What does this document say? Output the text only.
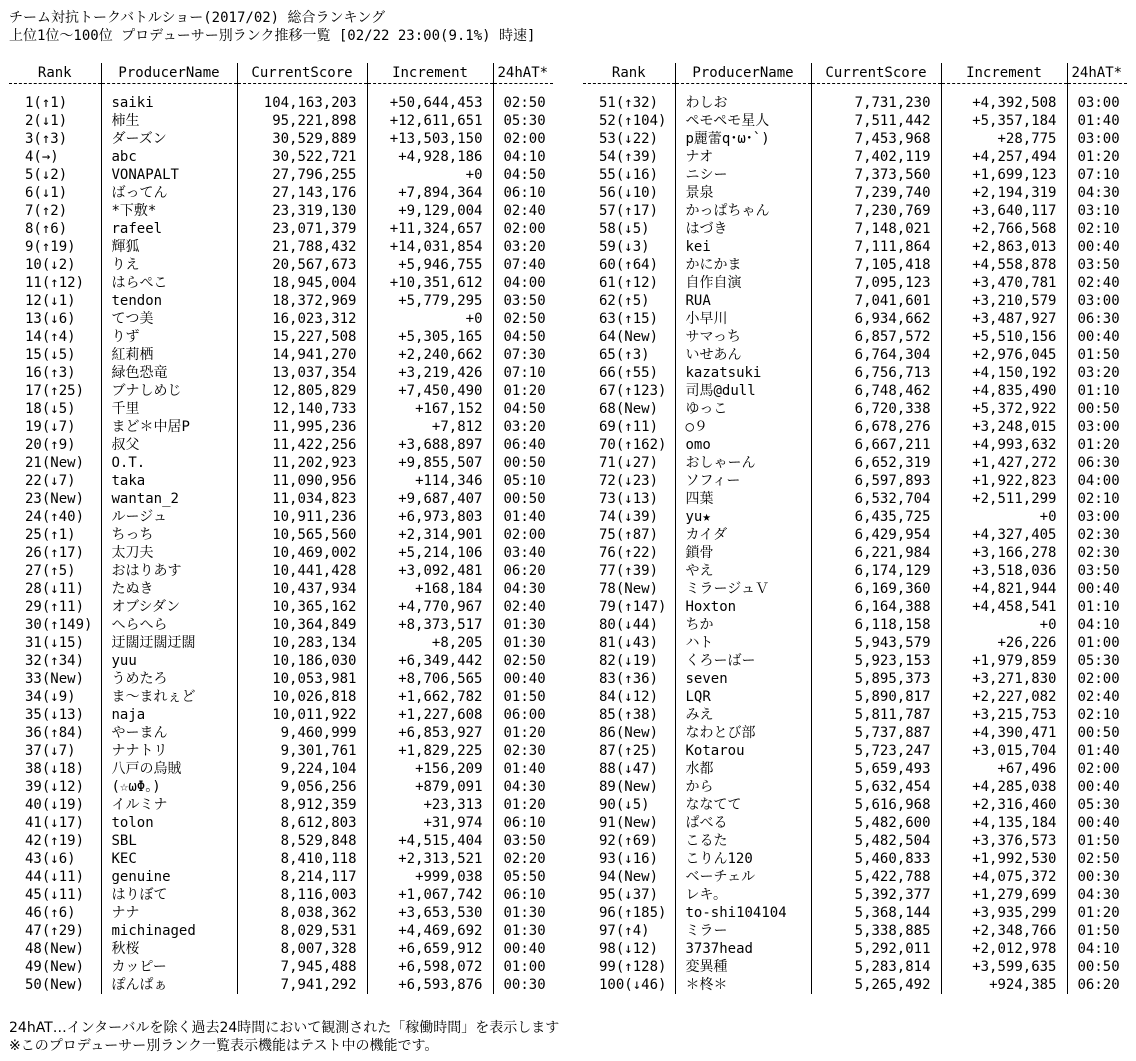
チーム対抗トークバトルショー(2017/02) 総合ランキング
上位1位～100位 プロデューサー別ランク推移一覧 [02/22 23:00(9.1%) 時速]
Rank	ProducerName	CurrentScore	Increment	24hAT*

1(↑1)	saiki	104,163,203	+50,644,453	02:50
2(↓1)	柿生	95,221,898	+12,611,651	05:30
3(↑3)	ダーズン	30,529,889	+13,503,150	02:00
4(→)	abc	30,522,721	+4,928,186	04:10
5(↓2)	VONAPALT	27,796,255	+0	04:50
6(↓1)	ばってん	27,143,176	+7,894,364	06:10
7(↑2)	*下敷*	23,319,130	+9,129,004	02:40
8(↑6)	rafeel	23,071,379	+11,324,657	02:00
9(↑19)	輝狐	21,788,432	+14,031,854	03:20
10(↓2)	りえ	20,567,673	+5,946,755	07:40
11(↑12)	はらぺこ	18,945,004	+10,351,612	04:00
12(↓1)	tendon	18,372,969	+5,779,295	03:50
13(↓6)	てつ美	16,023,312	+0	02:50
14(↑4)	りず	15,227,508	+5,305,165	04:50
15(↓5)	紅莉栖	14,941,270	+2,240,662	07:30
16(↑3)	緑色恐竜	13,037,354	+3,219,426	07:10
17(↑25)	ブナしめじ	12,805,829	+7,450,490	01:20
18(↓5)	千里	12,140,733	+167,152	04:50
19(↓7)	まど＊中居P	11,995,236	+7,812	03:20
20(↑9)	叔父	11,422,256	+3,688,897	06:40
21(New)	O.T.	11,202,923	+9,855,507	00:50
22(↓7)	taka	11,090,956	+114,346	05:10
23(New)	wantan_2	11,034,823	+9,687,407	00:50
24(↑40)	ルージュ	10,911,236	+6,973,803	01:40
25(↑1)	ちっち	10,565,560	+2,314,901	02:00
26(↑17)	太刀夫	10,469,002	+5,214,106	03:40
27(↑5)	おはりあす	10,441,428	+3,092,481	06:20
28(↓11)	たぬき	10,437,934	+168,184	04:30
29(↑11)	オブシダン	10,365,162	+4,770,967	02:40
30(↑149)	へらへら	10,364,849	+8,373,517	01:30
31(↓15)	迂闊迂闊迂闊	10,283,134	+8,205	01:30
32(↑34)	yuu	10,186,030	+6,349,442	02:50
33(New)	うめたろ	10,053,981	+8,706,565	00:40
34(↓9)	ま～まれぇど	10,026,818	+1,662,782	01:50
35(↓13)	naja	10,011,922	+1,227,608	06:00
36(↑84)	やーまん	9,460,999	+6,853,927	01:20
37(↓7)	ナナトリ	9,301,761	+1,829,225	02:30
38(↓18)	八戸の烏賊	9,224,104	+156,209	01:40
39(↓12)	(☆ωΦ。)	9,056,256	+879,091	04:30
40(↓19)	イルミナ	8,912,359	+23,313	01:20
41(↓17)	tolon	8,612,803	+31,974	06:10
42(↑19)	SBL	8,529,848	+4,515,404	03:50
43(↓6)	KEC	8,410,118	+2,313,521	02:20
44(↓11)	genuine	8,214,117	+999,038	05:50
45(↓11)	はりぼて	8,116,003	+1,067,742	06:10
46(↑6)	ナナ	8,038,362	+3,653,530	01:30
47(↑29)	michinaged	8,029,531	+4,469,692	01:30
48(New)	秋桜	8,007,328	+6,659,912	00:40
49(New)	カッピー	7,945,488	+6,598,072	01:00
50(New)	ぽんぱぁ	7,941,292	+6,593,876	00:30
Rank	ProducerName	CurrentScore	Increment	24hAT*

51(↑32)	わしお	7,731,230	+4,392,508	03:00
52(↑104)	ペモペモ星人	7,511,442	+5,357,184	01:40
53(↓22)	p麗蕾q･ω･`)	7,453,968	+28,775	03:00
54(↑39)	ナオ	7,402,119	+4,257,494	01:20
55(↓16)	ニシー	7,373,560	+1,699,123	07:10
56(↓10)	景泉	7,239,740	+2,194,319	04:30
57(↑17)	かっぱちゃん	7,230,769	+3,640,117	03:10
58(↓5)	はづき	7,148,021	+2,766,568	02:10
59(↓3)	kei	7,111,864	+2,863,013	00:40
60(↑64)	かにかま	7,105,418	+4,558,878	03:50
61(↑12)	自作自演	7,095,123	+3,470,781	02:40
62(↑5)	RUA	7,041,601	+3,210,579	03:00
63(↑15)	小早川	6,934,662	+3,487,927	06:30
64(New)	サマっち	6,857,572	+5,510,156	00:40
65(↑3)	いせあん	6,764,304	+2,976,045	01:50
66(↑55)	kazatsuki	6,756,713	+4,150,192	03:20
67(↑123)	司馬@dull	6,748,462	+4,835,490	01:10
68(New)	ゆっこ	6,720,338	+5,372,922	00:50
69(↑11)	○９	6,678,276	+3,248,015	03:00
70(↑162)	omo	6,667,211	+4,993,632	01:20
71(↓27)	おしゃーん	6,652,319	+1,427,272	06:30
72(↓23)	ソフィー	6,597,893	+1,922,823	04:00
73(↓13)	四葉	6,532,704	+2,511,299	02:10
74(↓39)	yu★	6,435,725	+0	03:00
75(↑87)	カイダ	6,429,954	+4,327,405	02:30
76(↑22)	鎖骨	6,221,984	+3,166,278	02:30
77(↑39)	やえ	6,174,129	+3,518,036	03:50
78(New)	ミラージュＶ	6,169,360	+4,821,944	00:40
79(↑147)	Hoxton	6,164,388	+4,458,541	01:10
80(↓44)	ちか	6,118,158	+0	04:10
81(↓43)	ハト	5,943,579	+26,226	01:00
82(↓19)	くろーばー	5,923,153	+1,979,859	05:30
83(↑36)	seven	5,895,373	+3,271,830	02:00
84(↓12)	LQR	5,890,817	+2,227,082	02:40
85(↑38)	みえ	5,811,787	+3,215,753	02:10
86(New)	なわとび部	5,737,887	+4,390,471	00:50
87(↑25)	Kotarou	5,723,247	+3,015,704	01:40
88(↓47)	水都	5,659,493	+67,496	02:00
89(New)	から	5,632,454	+4,285,038	00:40
90(↓5)	ななてて	5,616,968	+2,316,460	05:30
91(New)	ぱべる	5,482,600	+4,135,184	00:40
92(↑69)	こるた	5,482,504	+3,376,573	01:50
93(↓16)	こりん120	5,460,833	+1,992,530	02:50
94(New)	ベーチェル	5,422,788	+4,075,372	00:30
95(↓37)	レキ。	5,392,377	+1,279,699	04:30
96(↑185)	to-shi104104	5,368,144	+3,935,299	01:20
97(↑4)	ミラー	5,338,885	+2,348,766	01:50
98(↓12)	3737head	5,292,011	+2,012,978	04:10
99(↑128)	変異種	5,283,814	+3,599,635	00:50
100(↓46)	＊柊＊	5,265,492	+924,385	06:20
24hAT…インターバルを除く過去24時間において観測された「稼働時間」を表示します
※このプロデューサー別ランク一覧表示機能はテスト中の機能です。
